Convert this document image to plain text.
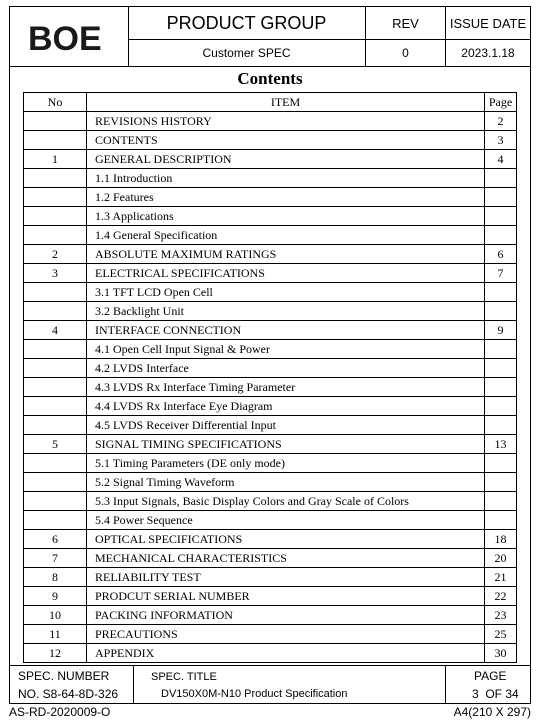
BOE	PRODUCT GROUP	REV	ISSUE DATE
Customer SPEC	0	2023.1.18
Contents
No	ITEM	Page
	REVISIONS HISTORY	2
	CONTENTS	3
1	GENERAL DESCRIPTION	4
	1.1 Introduction	
	1.2 Features	
	1.3 Applications	
	1.4 General Specification	
2	ABSOLUTE MAXIMUM RATINGS	6
3	ELECTRICAL SPECIFICATIONS	7
	3.1 TFT LCD Open Cell	
	3.2 Backlight Unit	
4	INTERFACE CONNECTION	9
	4.1 Open Cell Input Signal & Power	
	4.2 LVDS Interface	
	4.3 LVDS Rx Interface Timing Parameter	
	4.4 LVDS Rx Interface Eye Diagram	
	4.5 LVDS Receiver Differential Input	
5	SIGNAL TIMING SPECIFICATIONS	13
	5.1 Timing Parameters (DE only mode)	
	5.2 Signal Timing Waveform	
	5.3 Input Signals, Basic Display Colors and Gray Scale of Colors	
	5.4 Power Sequence	
6	OPTICAL SPECIFICATIONS	18
7	MECHANICAL CHARACTERISTICS	20
8	RELIABILITY TEST	21
9	PRODCUT SERIAL NUMBER	22
10	PACKING INFORMATION	23
11	PRECAUTIONS	25
12	APPENDIX	30
SPEC. NUMBER
NO. S8-64-8D-326
SPEC. TITLE
DV150X0M-N10 Product Specification
PAGE
3  OF 34
AS-RD-2020009-O	A4(210 X 297)
